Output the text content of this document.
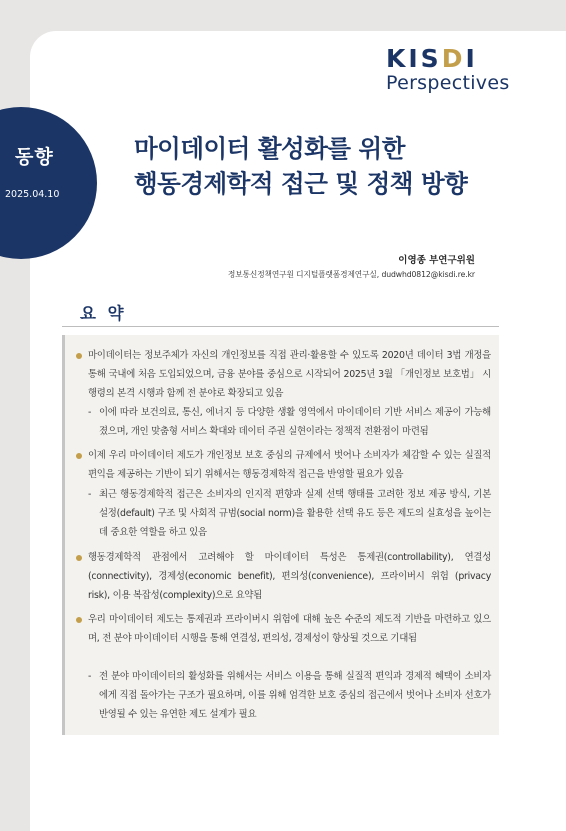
KISDI
Perspectives
동향
2025.04.10
마이데이터 활성화를 위한
행동경제학적 접근 및 정책 방향
이영종 부연구위원
정보통신정책연구원 디지털플랫폼경제연구실, dudwhd0812@kisdi.re.kr
요 약
마이데이터는 정보주체가 자신의 개인정보를 직접 관리·활용할 수 있도록 2020년 데이터 3법 개정을 통해 국내에 처음 도입되었으며, 금융 분야를 중심으로 시작되어 2025년 3월 「개인정보 보호법」 시행령의 본격 시행과 함께 전 분야로 확장되고 있음
- 이에 따라 보건의료, 통신, 에너지 등 다양한 생활 영역에서 마이데이터 기반 서비스 제공이 가능해졌으며, 개인 맞춤형 서비스 확대와 데이터 주권 실현이라는 정책적 전환점이 마련됨
이제 우리 마이데이터 제도가 개인정보 보호 중심의 규제에서 벗어나 소비자가 체감할 수 있는 실질적 편익을 제공하는 기반이 되기 위해서는 행동경제학적 접근을 반영할 필요가 있음
- 최근 행동경제학적 접근은 소비자의 인지적 편향과 실제 선택 행태를 고려한 정보 제공 방식, 기본 설정(default) 구조 및 사회적 규범(social norm)을 활용한 선택 유도 등은 제도의 실효성을 높이는 데 중요한 역할을 하고 있음
행동경제학적 관점에서 고려해야 할 마이데이터 특성은 통제권(controllability), 연결성 (connectivity), 경제성(economic benefit), 편의성(convenience), 프라이버시 위험 (privacy risk), 이용 복잡성(complexity)으로 요약됨
우리 마이데이터 제도는 통제권과 프라이버시 위험에 대해 높은 수준의 제도적 기반을 마련하고 있으며, 전 분야 마이데이터 시행을 통해 연결성, 편의성, 경제성이 향상될 것으로 기대됨
- 전 분야 마이데이터의 활성화를 위해서는 서비스 이용을 통해 실질적 편익과 경제적 혜택이 소비자에게 직접 돌아가는 구조가 필요하며, 이를 위해 엄격한 보호 중심의 접근에서 벗어나 소비자 선호가 반영될 수 있는 유연한 제도 설계가 필요
